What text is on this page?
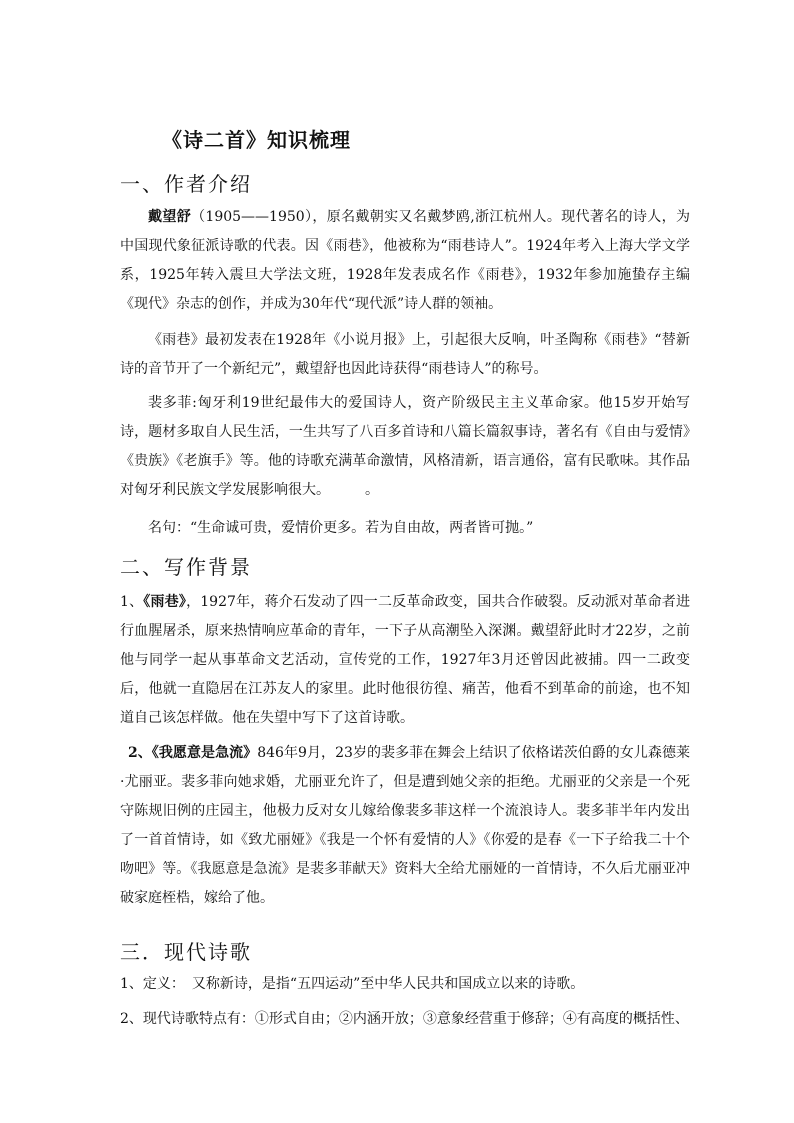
《诗二首》知识梳理
一、作者介绍

戴望舒（1905——1950），原名戴朝实又名戴梦鸥,浙江杭州人。现代著名的诗人，为中国现代象征派诗歌的代表。因《雨巷》，他被称为“雨巷诗人”。1924年考入上海大学文学系，1925年转入震旦大学法文班，1928年发表成名作《雨巷》，1932年参加施蛰存主编《现代》杂志的创作，并成为30年代“现代派”诗人群的领袖。

《雨巷》最初发表在1928年《小说月报》上，引起很大反响，叶圣陶称《雨巷》“替新诗的音节开了一个新纪元”，戴望舒也因此诗获得“雨巷诗人”的称号。

裴多菲:匈牙利19世纪最伟大的爱国诗人，资产阶级民主主义革命家。他15岁开始写诗，题材多取自人民生活，一生共写了八百多首诗和八篇长篇叙事诗，著名有《自由与爱情》《贵族》《老旗手》等。他的诗歌充满革命激情，风格清新，语言通俗，富有民歌味。其作品对匈牙利民族文学发展影响很大。　　　。

名句：“生命诚可贵，爱情价更多。若为自由故，两者皆可抛。”

二、写作背景

1、《雨巷》，1927年，蒋介石发动了四一二反革命政变，国共合作破裂。反动派对革命者进行血腥屠杀，原来热情响应革命的青年，一下子从高潮坠入深渊。戴望舒此时才22岁，之前他与同学一起从事革命文艺活动，宣传党的工作，1927年3月还曾因此被捕。四一二政变后，他就一直隐居在江苏友人的家里。此时他很彷徨、痛苦，他看不到革命的前途，也不知道自己该怎样做。他在失望中写下了这首诗歌。

2、《我愿意是急流》846年9月，23岁的裴多菲在舞会上结识了依格诺茨伯爵的女儿森德莱·尤丽亚。裴多菲向她求婚，尤丽亚允许了，但是遭到她父亲的拒绝。尤丽亚的父亲是一个死守陈规旧例的庄园主，他极力反对女儿嫁给像裴多菲这样一个流浪诗人。裴多菲半年内发出了一首首情诗，如《致尤丽娅》《我是一个怀有爱情的人》《你爱的是春《一下子给我二十个吻吧》等。《我愿意是急流》是裴多菲献天》资料大全给尤丽娅的一首情诗，不久后尤丽亚冲破家庭桎梏，嫁给了他。

三．现代诗歌

1、定义：　又称新诗，是指“五四运动”至中华人民共和国成立以来的诗歌。

2、现代诗歌特点有：①形式自由；②内涵开放；③意象经营重于修辞；④有高度的概括性、
